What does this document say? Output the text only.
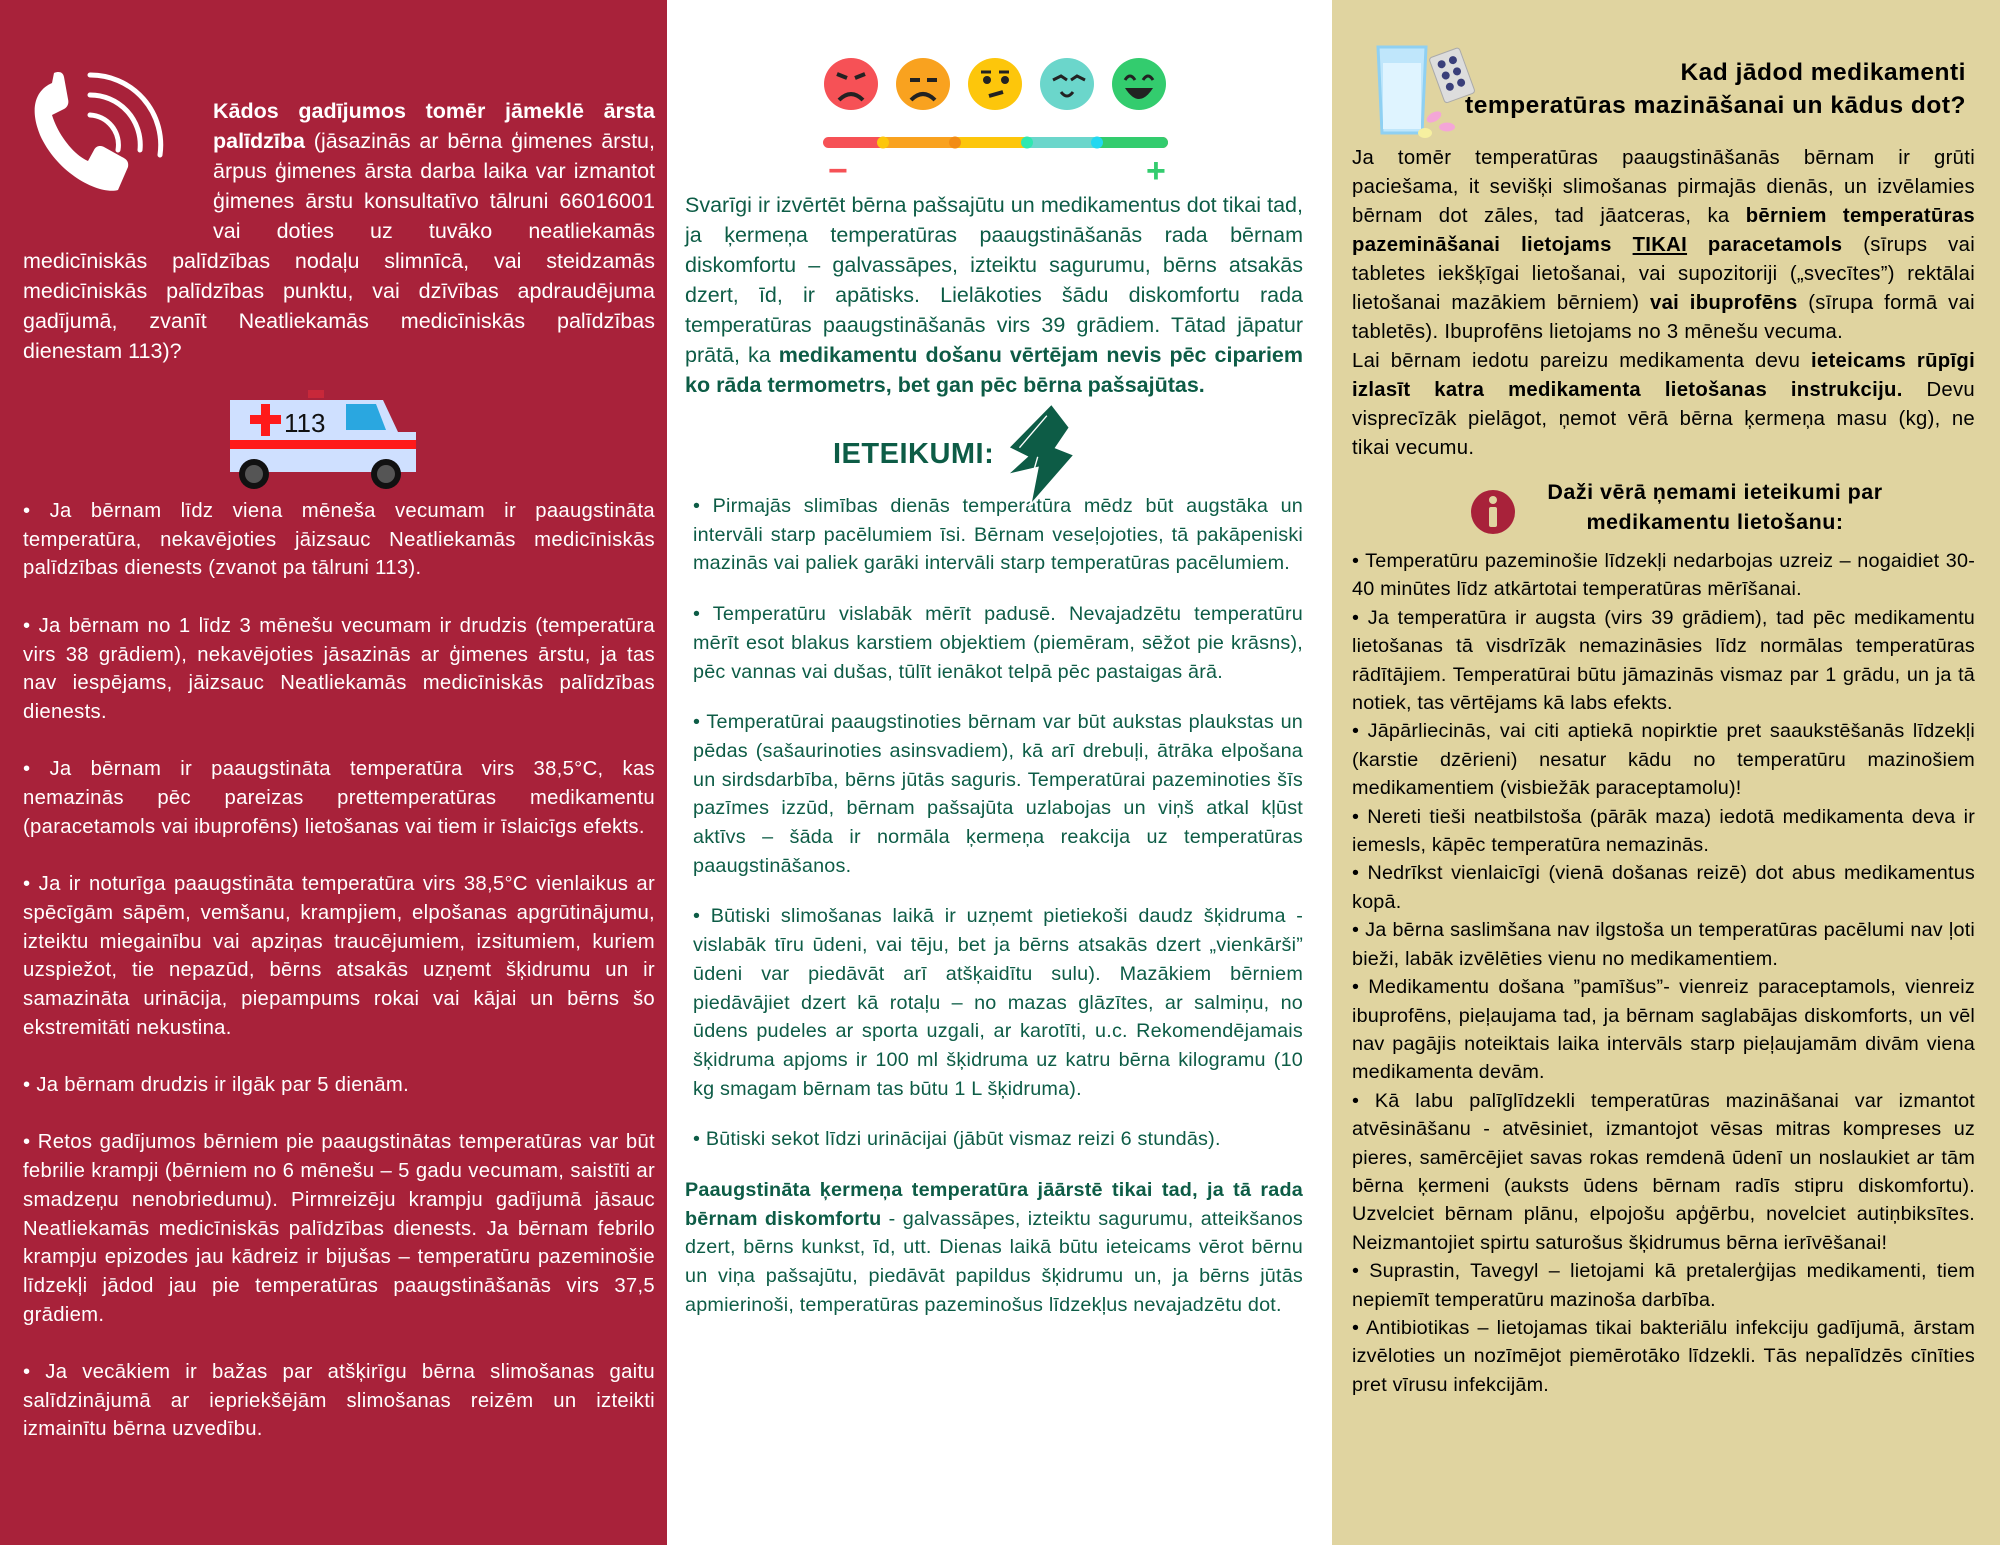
Kādos gadījumos tomēr jāmeklē ārsta palīdzība (jāsazinās ar bērna ģimenes ārstu, ārpus ģimenes ārsta darba laika var izmantot ģimenes ārstu konsultatīvo tālruni 66016001 vai doties uz tuvāko neatliekamās medicīniskās palīdzības nodaļu slimnīcā, vai steidzamās medicīniskās palīdzības punktu, vai dzīvības apdraudējuma gadījumā, zvanīt Neatliekamās medicīniskās palīdzības dienestam 113)?
113

• Ja bērnam līdz viena mēneša vecumam ir paaugstināta temperatūra, nekavējoties jāizsauc Neatliekamās medicīniskās palīdzības dienests (zvanot pa tālruni 113).

• Ja bērnam no 1 līdz 3 mēnešu vecumam ir drudzis (temperatūra virs 38 grādiem), nekavējoties jāsazinās ar ģimenes ārstu, ja tas nav iespējams, jāizsauc Neatliekamās medicīniskās palīdzības dienests.

• Ja bērnam ir paaugstināta temperatūra virs 38,5°C, kas nemazinās pēc pareizas prettemperatūras medikamentu (paracetamols vai ibuprofēns) lietošanas vai tiem ir īslaicīgs efekts.

• Ja ir noturīga paaugstināta temperatūra virs 38,5°C vienlaikus ar spēcīgām sāpēm, vemšanu, krampjiem, elpošanas apgrūtinājumu, izteiktu miegainību vai apziņas traucējumiem, izsitumiem, kuriem uzspiežot, tie nepazūd, bērns atsakās uzņemt šķidrumu un ir samazināta urinācija, piepampums rokai vai kājai un bērns šo ekstremitāti nekustina.

• Ja bērnam drudzis ir ilgāk par 5 dienām.

• Retos gadījumos bērniem pie paaugstinātas temperatūras var būt febrilie krampji (bērniem no 6 mēnešu – 5 gadu vecumam, saistīti ar smadzeņu nenobriedumu). Pirmreizēju krampju gadījumā jāsauc Neatliekamās medicīniskās palīdzības dienests. Ja bērnam febrilo krampju epizodes jau kādreiz ir bijušas – temperatūru pazeminošie līdzekļi jādod jau pie temperatūras paaugstināšanās virs 37,5 grādiem.

• Ja vecākiem ir bažas par atšķirīgu bērna slimošanas gaitu salīdzinājumā ar iepriekšējām slimošanas reizēm un izteikti izmainītu bērna uzvedību.

−	+
Svarīgi ir izvērtēt bērna pašsajūtu un medikamentus dot tikai tad, ja ķermeņa temperatūras paaugstināšanās rada bērnam diskomfortu – galvassāpes, izteiktu sagurumu, bērns atsakās dzert, īd, ir apātisks. Lielākoties šādu diskomfortu rada temperatūras paaugstināšanās virs 39 grādiem. Tātad jāpatur prātā, ka medikamentu došanu vērtējam nevis pēc cipariem ko rāda termometrs, bet gan pēc bērna pašsajūtas.
IETEIKUMI:

• Pirmajās slimības dienās temperatūra mēdz būt augstāka un intervāli starp pacēlumiem īsi. Bērnam veseļojoties, tā pakāpeniski mazinās vai paliek garāki intervāli starp temperatūras pacēlumiem.

• Temperatūru vislabāk mērīt padusē. Nevajadzētu temperatūru mērīt esot blakus karstiem objektiem (piemēram, sēžot pie krāsns), pēc vannas vai dušas, tūlīt ienākot telpā pēc pastaigas ārā.

• Temperatūrai paaugstinoties bērnam var būt aukstas plaukstas un pēdas (sašaurinoties asinsvadiem), kā arī drebuļi, ātrāka elpošana un sirdsdarbība, bērns jūtās saguris. Temperatūrai pazeminoties šīs pazīmes izzūd, bērnam pašsajūta uzlabojas un viņš atkal kļūst aktīvs – šāda ir normāla ķermeņa reakcija uz temperatūras paaugstināšanos.

• Būtiski slimošanas laikā ir uzņemt pietiekoši daudz šķidruma - vislabāk tīru ūdeni, vai tēju, bet ja bērns atsakās dzert „vienkārši” ūdeni var piedāvāt arī atšķaidītu sulu). Mazākiem bērniem piedāvājiet dzert kā rotaļu – no mazas glāzītes, ar salmiņu, no ūdens pudeles ar sporta uzgali, ar karotīti, u.c. Rekomendējamais šķidruma apjoms ir 100 ml šķidruma uz katru bērna kilogramu (10 kg smagam bērnam tas būtu 1 L šķidruma).

• Būtiski sekot līdzi urinācijai (jābūt vismaz reizi 6 stundās).

Paaugstināta ķermeņa temperatūra jāārstē tikai tad, ja tā rada bērnam diskomfortu - galvassāpes, izteiktu sagurumu, atteikšanos dzert, bērns kunkst, īd, utt. Dienas laikā būtu ieteicams vērot bērnu un viņa pašsajūtu, piedāvāt papildus šķidrumu un, ja bērns jūtās apmierinoši, temperatūras pazeminošus līdzekļus nevajadzētu dot.
Kad jādod medikamenti
temperatūras mazināšanai un kādus dot?

Ja tomēr temperatūras paaugstināšanās bērnam ir grūti paciešama, it sevišķi slimošanas pirmajās dienās, un izvēlamies bērnam dot zāles, tad jāatceras, ka bērniem temperatūras pazemināšanai lietojams TIKAI paracetamols (sīrups vai tabletes iekšķīgai lietošanai, vai supozitoriji („svecītes”) rektālai lietošanai mazākiem bērniem) vai ibuprofēns (sīrupa formā vai tabletēs). Ibuprofēns lietojams no 3 mēnešu vecuma.

Lai bērnam iedotu pareizu medikamenta devu ieteicams rūpīgi izlasīt katra medikamenta lietošanas instrukciju. Devu visprecīzāk pielāgot, ņemot vērā bērna ķermeņa masu (kg), ne tikai vecumu.

Daži vērā ņemami ieteikumi par
medikamentu lietošanu:

• Temperatūru pazeminošie līdzekļi nedarbojas uzreiz – nogaidiet 30-40 minūtes līdz atkārtotai temperatūras mērīšanai.

• Ja temperatūra ir augsta (virs 39 grādiem), tad pēc medikamentu lietošanas tā visdrīzāk nemazināsies līdz normālas temperatūras rādītājiem. Temperatūrai būtu jāmazinās vismaz par 1 grādu, un ja tā notiek, tas vērtējams kā labs efekts.

• Jāpārliecinās, vai citi aptiekā nopirktie pret saaukstēšanās līdzekļi (karstie dzērieni) nesatur kādu no temperatūru mazinošiem medikamentiem (visbiežāk paraceptamolu)!

• Nereti tieši neatbilstoša (pārāk maza) iedotā medikamenta deva ir iemesls, kāpēc temperatūra nemazinās.

• Nedrīkst vienlaicīgi (vienā došanas reizē) dot abus medikamentus kopā.

• Ja bērna saslimšana nav ilgstoša un temperatūras pacēlumi nav ļoti bieži, labāk izvēlēties vienu no medikamentiem.

• Medikamentu došana ”pamīšus”- vienreiz paraceptamols, vienreiz ibuprofēns, pieļaujama tad, ja bērnam saglabājas diskomforts, un vēl nav pagājis noteiktais laika intervāls starp pieļaujamām divām viena medikamenta devām.

• Kā labu palīglīdzekli temperatūras mazināšanai var izmantot atvēsināšanu - atvēsiniet, izmantojot vēsas mitras kompreses uz pieres, samērcējiet savas rokas remdenā ūdenī un noslaukiet ar tām bērna ķermeni (auksts ūdens bērnam radīs stipru diskomfortu). Uzvelciet bērnam plānu, elpojošu apģērbu, novelciet autiņbiksītes. Neizmantojiet spirtu saturošus šķidrumus bērna ierīvēšanai!

• Suprastin, Tavegyl – lietojami kā pretalerģijas medikamenti, tiem nepiemīt temperatūru mazinoša darbība.

• Antibiotikas – lietojamas tikai bakteriālu infekciju gadījumā, ārstam izvēloties un nozīmējot piemērotāko līdzekli. Tās nepalīdzēs cīnīties pret vīrusu infekcijām.
